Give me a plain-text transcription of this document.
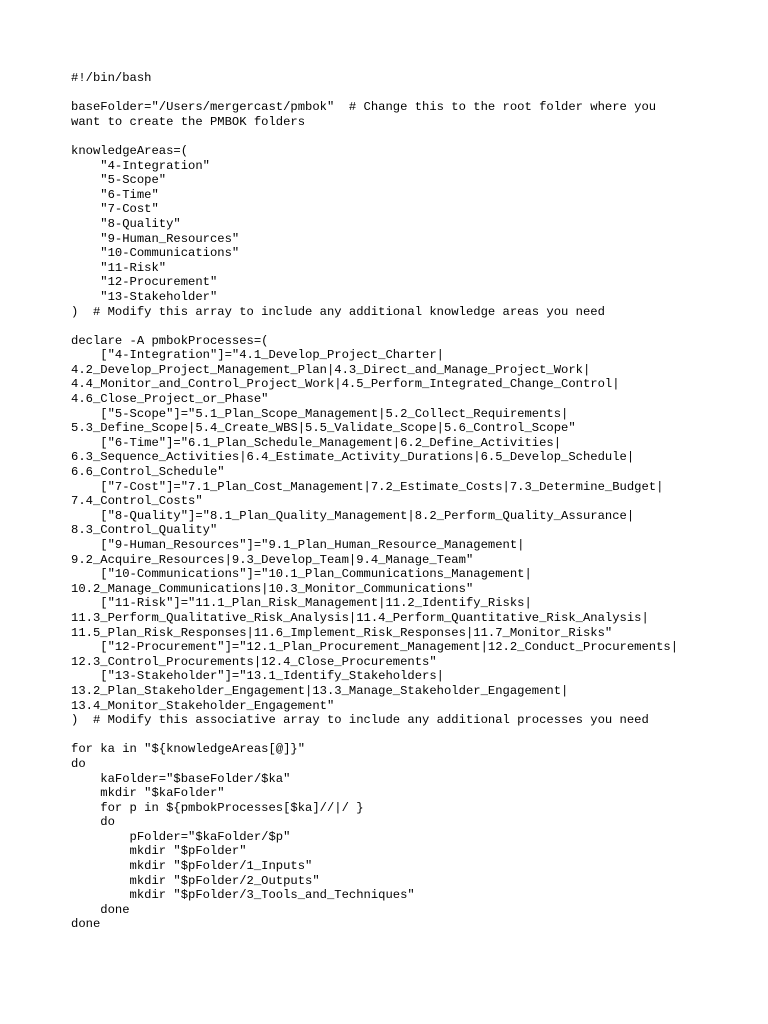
#!/bin/bash
baseFolder="/Users/mergercast/pmbok"  # Change this to the root folder where you
want to create the PMBOK folders
knowledgeAreas=(
"4-Integration"
"5-Scope"
"6-Time"
"7-Cost"
"8-Quality"
"9-Human_Resources"
"10-Communications"
"11-Risk"
"12-Procurement"
"13-Stakeholder"
)  # Modify this array to include any additional knowledge areas you need
declare -A pmbokProcesses=(
["4-Integration"]="4.1_Develop_Project_Charter|
4.2_Develop_Project_Management_Plan|4.3_Direct_and_Manage_Project_Work|
4.4_Monitor_and_Control_Project_Work|4.5_Perform_Integrated_Change_Control|
4.6_Close_Project_or_Phase"
["5-Scope"]="5.1_Plan_Scope_Management|5.2_Collect_Requirements|
5.3_Define_Scope|5.4_Create_WBS|5.5_Validate_Scope|5.6_Control_Scope"
["6-Time"]="6.1_Plan_Schedule_Management|6.2_Define_Activities|
6.3_Sequence_Activities|6.4_Estimate_Activity_Durations|6.5_Develop_Schedule|
6.6_Control_Schedule"
["7-Cost"]="7.1_Plan_Cost_Management|7.2_Estimate_Costs|7.3_Determine_Budget|
7.4_Control_Costs"
["8-Quality"]="8.1_Plan_Quality_Management|8.2_Perform_Quality_Assurance|
8.3_Control_Quality"
["9-Human_Resources"]="9.1_Plan_Human_Resource_Management|
9.2_Acquire_Resources|9.3_Develop_Team|9.4_Manage_Team"
["10-Communications"]="10.1_Plan_Communications_Management|
10.2_Manage_Communications|10.3_Monitor_Communications"
["11-Risk"]="11.1_Plan_Risk_Management|11.2_Identify_Risks|
11.3_Perform_Qualitative_Risk_Analysis|11.4_Perform_Quantitative_Risk_Analysis|
11.5_Plan_Risk_Responses|11.6_Implement_Risk_Responses|11.7_Monitor_Risks"
["12-Procurement"]="12.1_Plan_Procurement_Management|12.2_Conduct_Procurements|
12.3_Control_Procurements|12.4_Close_Procurements"
["13-Stakeholder"]="13.1_Identify_Stakeholders|
13.2_Plan_Stakeholder_Engagement|13.3_Manage_Stakeholder_Engagement|
13.4_Monitor_Stakeholder_Engagement"
)  # Modify this associative array to include any additional processes you need
for ka in "${knowledgeAreas[@]}"
do
kaFolder="$baseFolder/$ka"
mkdir "$kaFolder"
for p in ${pmbokProcesses[$ka]//|/ }
do
pFolder="$kaFolder/$p"
mkdir "$pFolder"
mkdir "$pFolder/1_Inputs"
mkdir "$pFolder/2_Outputs"
mkdir "$pFolder/3_Tools_and_Techniques"
done
done
